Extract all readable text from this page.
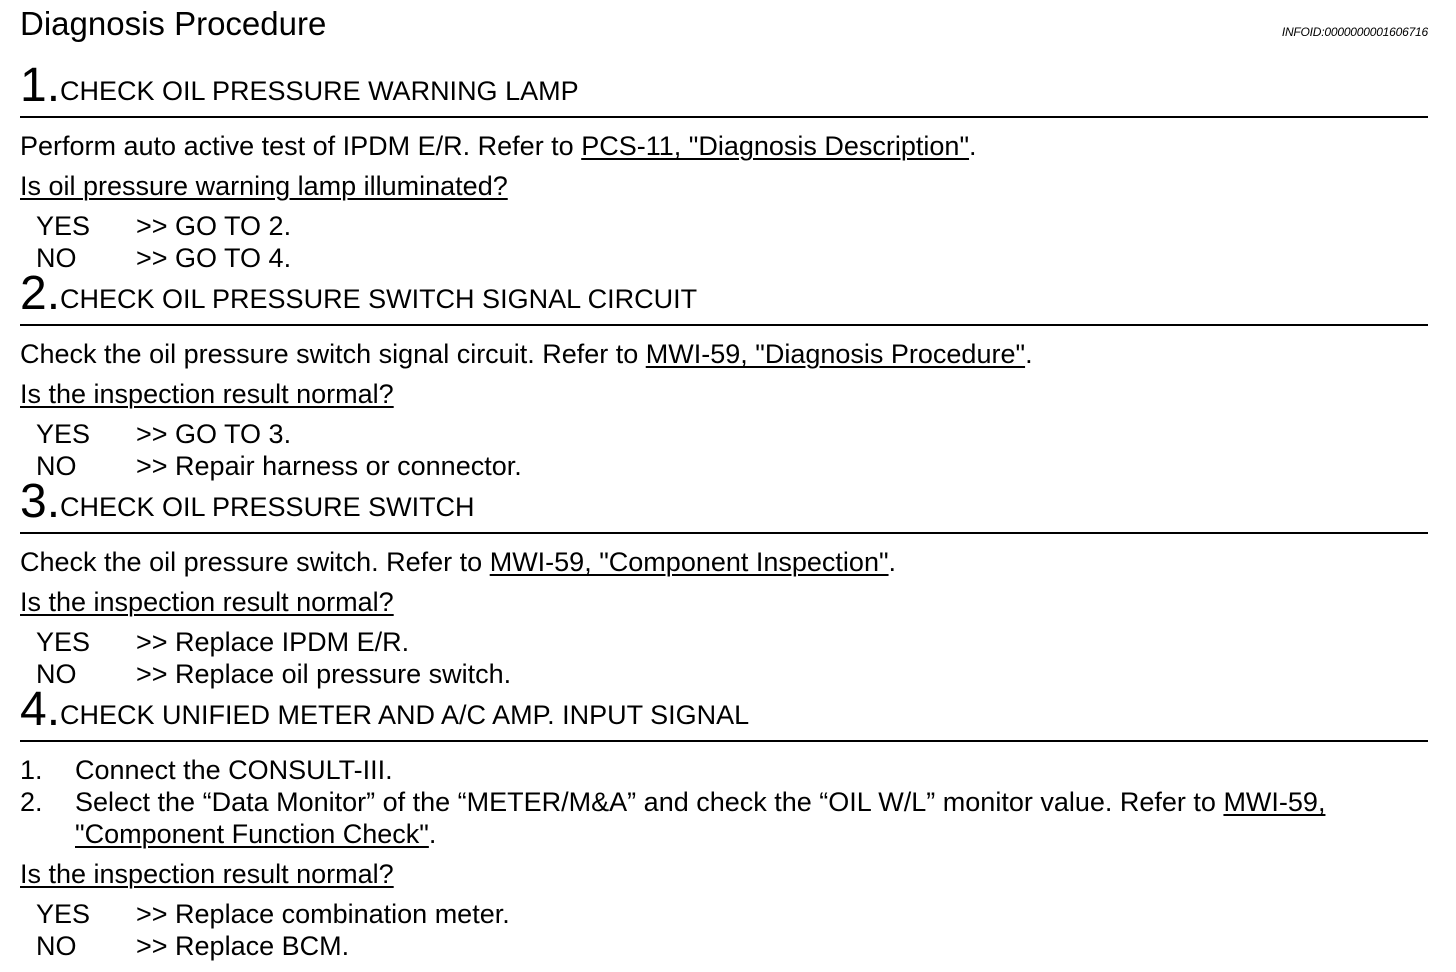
Diagnosis Procedure	INFOID:0000000001606716
1. CHECK OIL PRESSURE WARNING LAMP
Perform auto active test of IPDM E/R. Refer to PCS-11, "Diagnosis Description".
Is oil pressure warning lamp illuminated?
YES >> GO TO 2.
NO >> GO TO 4.
2. CHECK OIL PRESSURE SWITCH SIGNAL CIRCUIT
Check the oil pressure switch signal circuit. Refer to MWI-59, "Diagnosis Procedure".
Is the inspection result normal?
YES >> GO TO 3.
NO >> Repair harness or connector.
3. CHECK OIL PRESSURE SWITCH
Check the oil pressure switch. Refer to MWI-59, "Component Inspection".
Is the inspection result normal?
YES >> Replace IPDM E/R.
NO >> Replace oil pressure switch.
4. CHECK UNIFIED METER AND A/C AMP. INPUT SIGNAL
1. Connect the CONSULT-III.
2. Select the “Data Monitor” of the “METER/M&A” and check the “OIL W/L” monitor value. Refer to MWI-59,
"Component Function Check".
Is the inspection result normal?
YES >> Replace combination meter.
NO >> Replace BCM.
